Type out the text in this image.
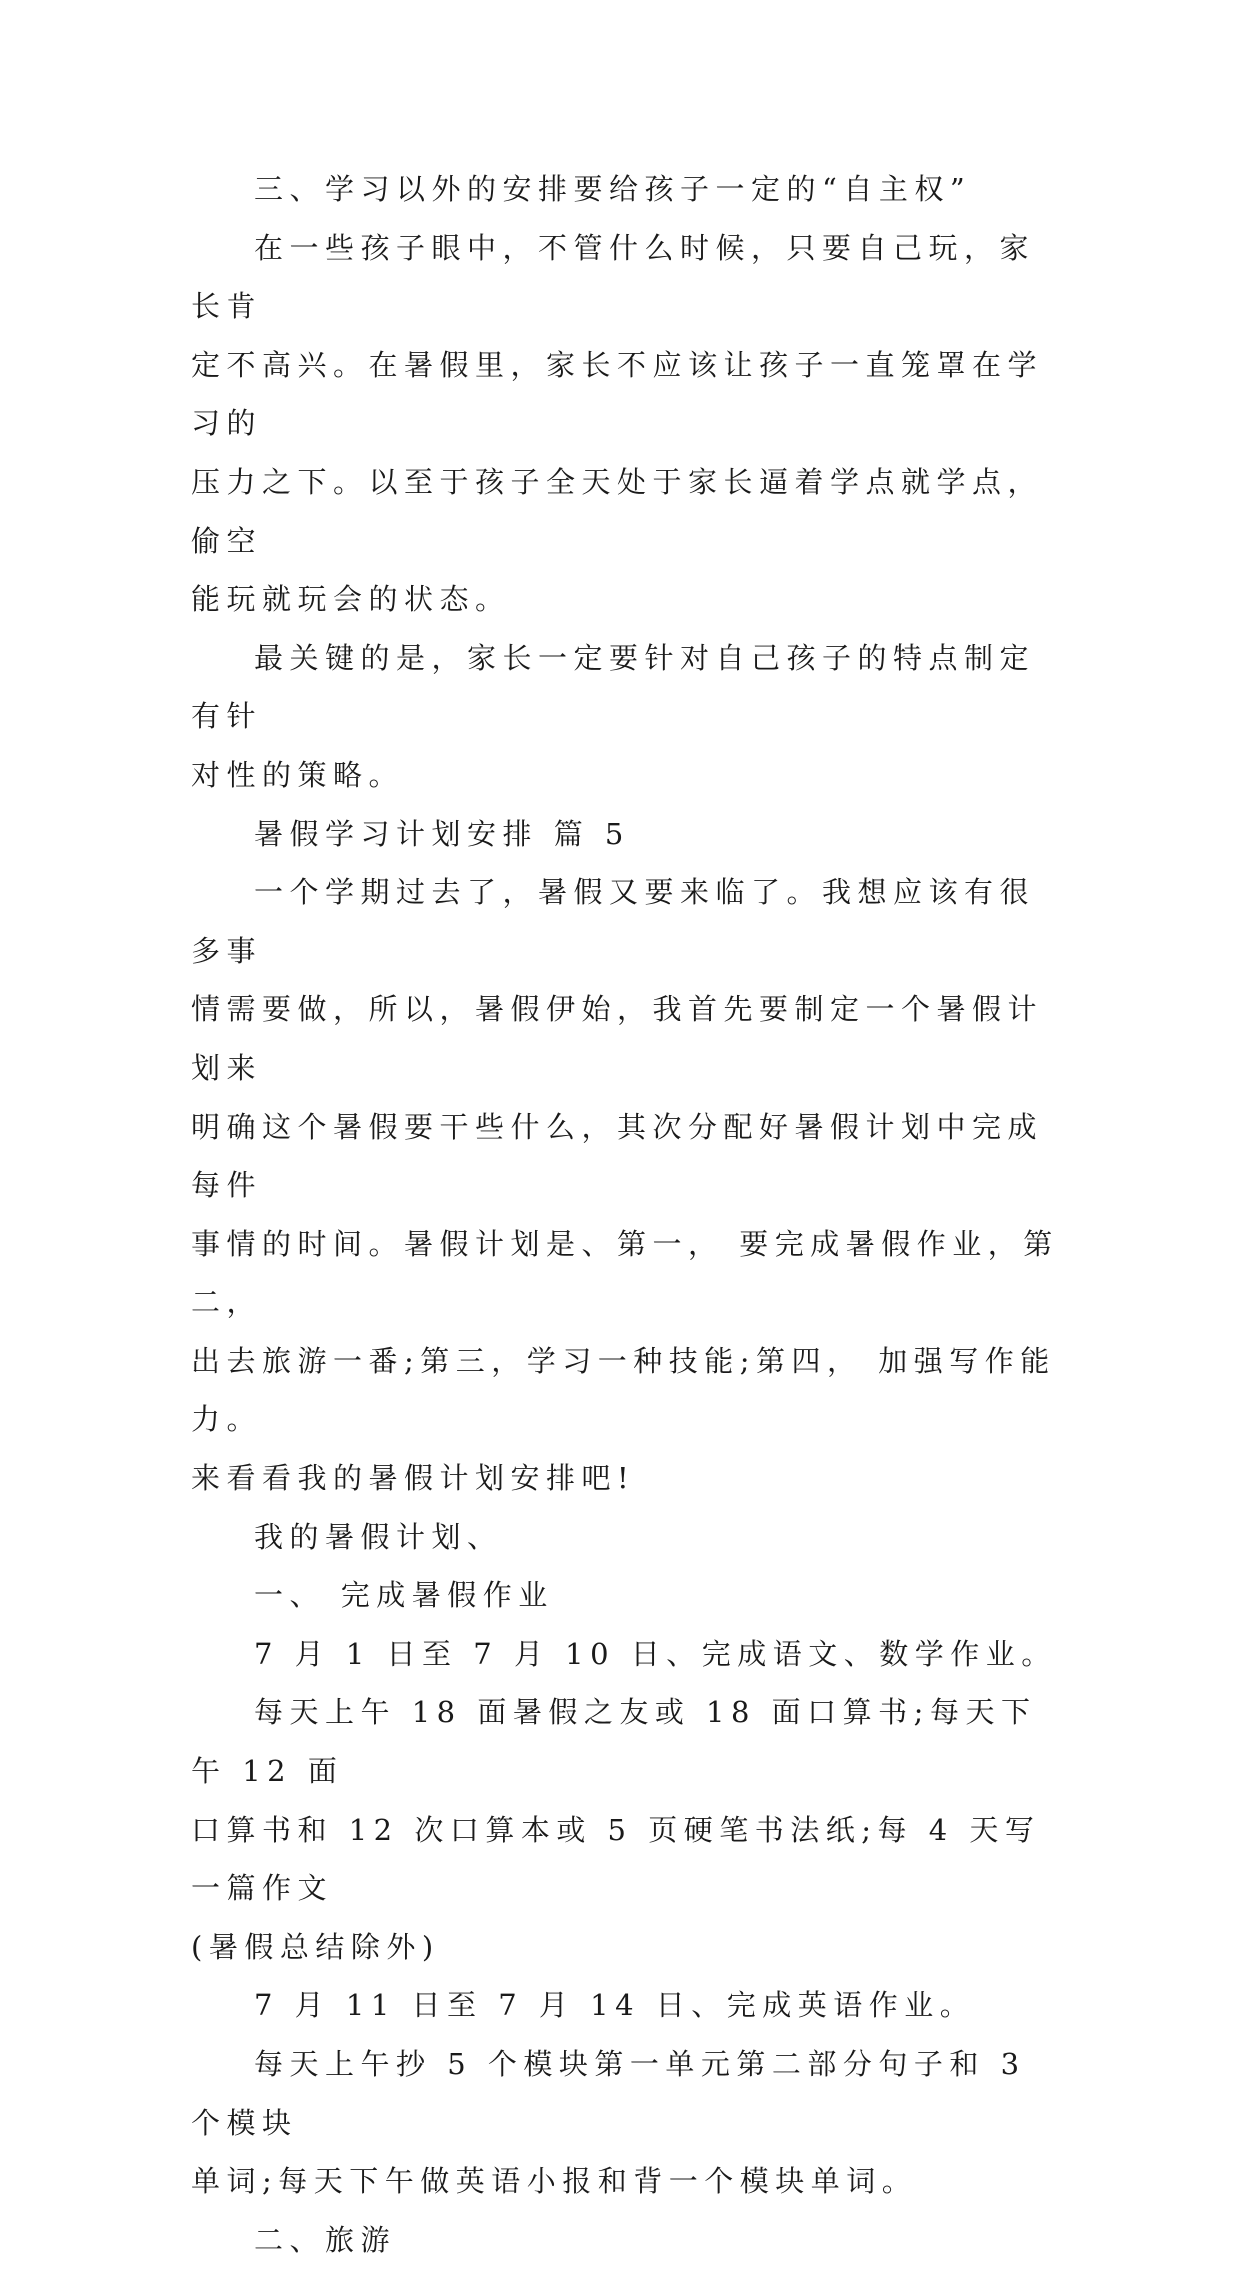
三、学习以外的安排要给孩子一定的“自主权”

在一些孩子眼中，不管什么时候，只要自己玩，家长肯
定不高兴。在暑假里，家长不应该让孩子一直笼罩在学习的
压力之下。以至于孩子全天处于家长逼着学点就学点，偷空
能玩就玩会的状态。

最关键的是，家长一定要针对自己孩子的特点制定有针
对性的策略。

暑假学习计划安排 篇 5

一个学期过去了，暑假又要来临了。我想应该有很多事
情需要做，所以，暑假伊始，我首先要制定一个暑假计划来
明确这个暑假要干些什么，其次分配好暑假计划中完成每件
事情的时间。暑假计划是、第一， 要完成暑假作业，第二，
出去旅游一番;第三，学习一种技能;第四， 加强写作能力。
来看看我的暑假计划安排吧!

我的暑假计划、

一、 完成暑假作业

7 月 1 日至 7 月 10 日、完成语文、数学作业。

每天上午 18 面暑假之友或 18 面口算书;每天下午 12 面
口算书和 12 次口算本或 5 页硬笔书法纸;每 4 天写一篇作文
(暑假总结除外)

7 月 11 日至 7 月 14 日、完成英语作业。

每天上午抄 5 个模块第一单元第二部分句子和 3 个模块
单词;每天下午做英语小报和背一个模块单词。

二、旅游
